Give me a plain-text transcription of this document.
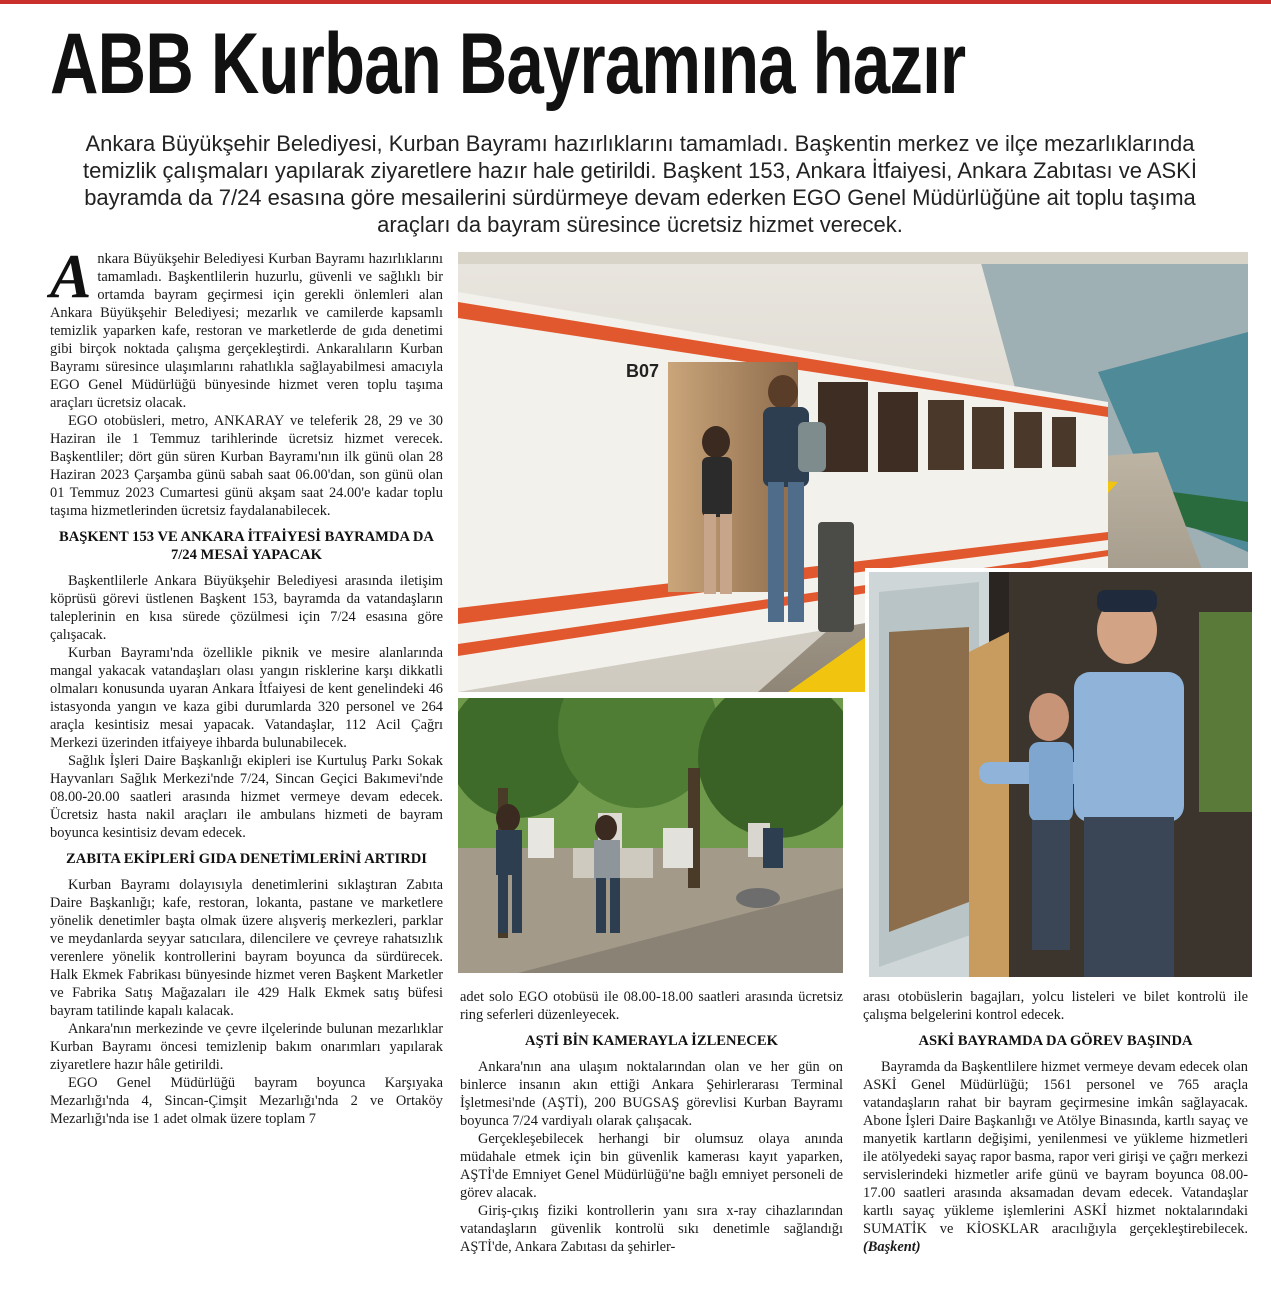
ABB Kurban Bayramına hazır

Ankara Büyükşehir Belediyesi, Kurban Bayramı hazırlıklarını tamamladı. Başkentin merkez ve ilçe mezarlıklarında temizlik çalışmaları yapılarak ziyaretlere hazır hale getirildi. Başkent 153, Ankara İtfaiyesi, Ankara Zabıtası ve ASKİ bayramda da 7/24 esasına göre mesailerini sürdürmeye devam ederken EGO Genel Müdürlüğüne ait toplu taşıma araçları da bayram süresince ücretsiz hizmet verecek.

Ankara Büyükşehir Belediyesi Kurban Bayramı hazırlıklarını tamamladı. Başkentlilerin huzurlu, güvenli ve sağlıklı bir ortamda bayram geçirmesi için gerekli önlemleri alan Ankara Büyükşehir Belediyesi; mezarlık ve camilerde kapsamlı temizlik yaparken kafe, restoran ve marketlerde de gıda denetimi gibi birçok noktada çalışma gerçekleştirdi. Ankaralıların Kurban Bayramı süresince ulaşımlarını rahatlıkla sağlayabilmesi amacıyla EGO Genel Müdürlüğü bünyesinde hizmet veren toplu taşıma araçları ücretsiz olacak.

EGO otobüsleri, metro, ANKARAY ve teleferik 28, 29 ve 30 Haziran ile 1 Temmuz tarihlerinde ücretsiz hizmet verecek. Başkentliler; dört gün süren Kurban Bayramı'nın ilk günü olan 28 Haziran 2023 Çarşamba günü sabah saat 06.00'dan, son günü olan 01 Temmuz 2023 Cumartesi günü akşam saat 24.00'e kadar toplu taşıma hizmetlerinden ücretsiz faydalanabilecek.

BAŞKENT 153 VE ANKARA İTFAİYESİ BAYRAMDA DA 7/24 MESAİ YAPACAK

Başkentlilerle Ankara Büyükşehir Belediyesi arasında iletişim köprüsü görevi üstlenen Başkent 153, bayramda da vatandaşların taleplerinin en kısa sürede çözülmesi için 7/24 esasına göre çalışacak.

Kurban Bayramı'nda özellikle piknik ve mesire alanlarında mangal yakacak vatandaşları olası yangın risklerine karşı dikkatli olmaları konusunda uyaran Ankara İtfaiyesi de kent genelindeki 46 istasyonda yangın ve kaza gibi durumlarda 320 personel ve 264 araçla kesintisiz mesai yapacak. Vatandaşlar, 112 Acil Çağrı Merkezi üzerinden itfaiyeye ihbarda bulunabilecek.

Sağlık İşleri Daire Başkanlığı ekipleri ise Kurtuluş Parkı Sokak Hayvanları Sağlık Merkezi'nde 7/24, Sincan Geçici Bakımevi'nde 08.00-20.00 saatleri arasında hizmet vermeye devam edecek. Ücretsiz hasta nakil araçları ile ambulans hizmeti de bayram boyunca kesintisiz devam edecek.

ZABITA EKİPLERİ GIDA DENETİMLERİNİ ARTIRDI

Kurban Bayramı dolayısıyla denetimlerini sıklaştıran Zabıta Daire Başkanlığı; kafe, restoran, lokanta, pastane ve marketlere yönelik denetimler başta olmak üzere alışveriş merkezleri, parklar ve meydanlarda seyyar satıcılara, dilencilere ve çevreye rahatsızlık verenlere yönelik kontrollerini bayram boyunca da sürdürecek. Halk Ekmek Fabrikası bünyesinde hizmet veren Başkent Marketler ve Fabrika Satış Mağazaları ile 429 Halk Ekmek satış büfesi bayram tatilinde kapalı kalacak.

Ankara'nın merkezinde ve çevre ilçelerinde bulunan mezarlıklar Kurban Bayramı öncesi temizlenip bakım onarımları yapılarak ziyaretlere hazır hâle getirildi.

EGO Genel Müdürlüğü bayram boyunca Karşıyaka Mezarlığı'nda 4, Sincan-Çimşit Mezarlığı'nda 2 ve Ortaköy Mezarlığı'nda ise 1 adet olmak üzere toplam 7

B07

adet solo EGO otobüsü ile 08.00-18.00 saatleri arasında ücretsiz ring seferleri düzenleyecek.

AŞTİ BİN KAMERAYLA İZLENECEK

Ankara'nın ana ulaşım noktalarından olan ve her gün on binlerce insanın akın ettiği Ankara Şehirlerarası Terminal İşletmesi'nde (AŞTİ), 200 BUGSAŞ görevlisi Kurban Bayramı boyunca 7/24 vardiyalı olarak çalışacak.

Gerçekleşebilecek herhangi bir olumsuz olaya anında müdahale etmek için bin güvenlik kamerası kayıt yaparken, AŞTİ'de Emniyet Genel Müdürlüğü'ne bağlı emniyet personeli de görev alacak.

Giriş-çıkış fiziki kontrollerin yanı sıra x-ray cihazlarından vatandaşların güvenlik kontrolü sıkı denetimle sağlandığı AŞTİ'de, Ankara Zabıtası da şehirler-

arası otobüslerin bagajları, yolcu listeleri ve bilet kontrolü ile çalışma belgelerini kontrol edecek.

ASKİ BAYRAMDA DA GÖREV BAŞINDA

Bayramda da Başkentlilere hizmet vermeye devam edecek olan ASKİ Genel Müdürlüğü; 1561 personel ve 765 araçla vatandaşların rahat bir bayram geçirmesine imkân sağlayacak. Abone İşleri Daire Başkanlığı ve Atölye Binasında, kartlı sayaç ve manyetik kartların değişimi, yenilenmesi ve yükleme hizmetleri ile atölyedeki sayaç rapor basma, rapor veri girişi ve çağrı merkezi servislerindeki hizmetler arife günü ve bayram boyunca 08.00-17.00 saatleri arasında aksamadan devam edecek. Vatandaşlar kartlı sayaç yükleme işlemlerini ASKİ hizmet noktalarındaki SUMATİK ve KİOSKLAR aracılığıyla gerçekleştirebilecek. (Başkent)
